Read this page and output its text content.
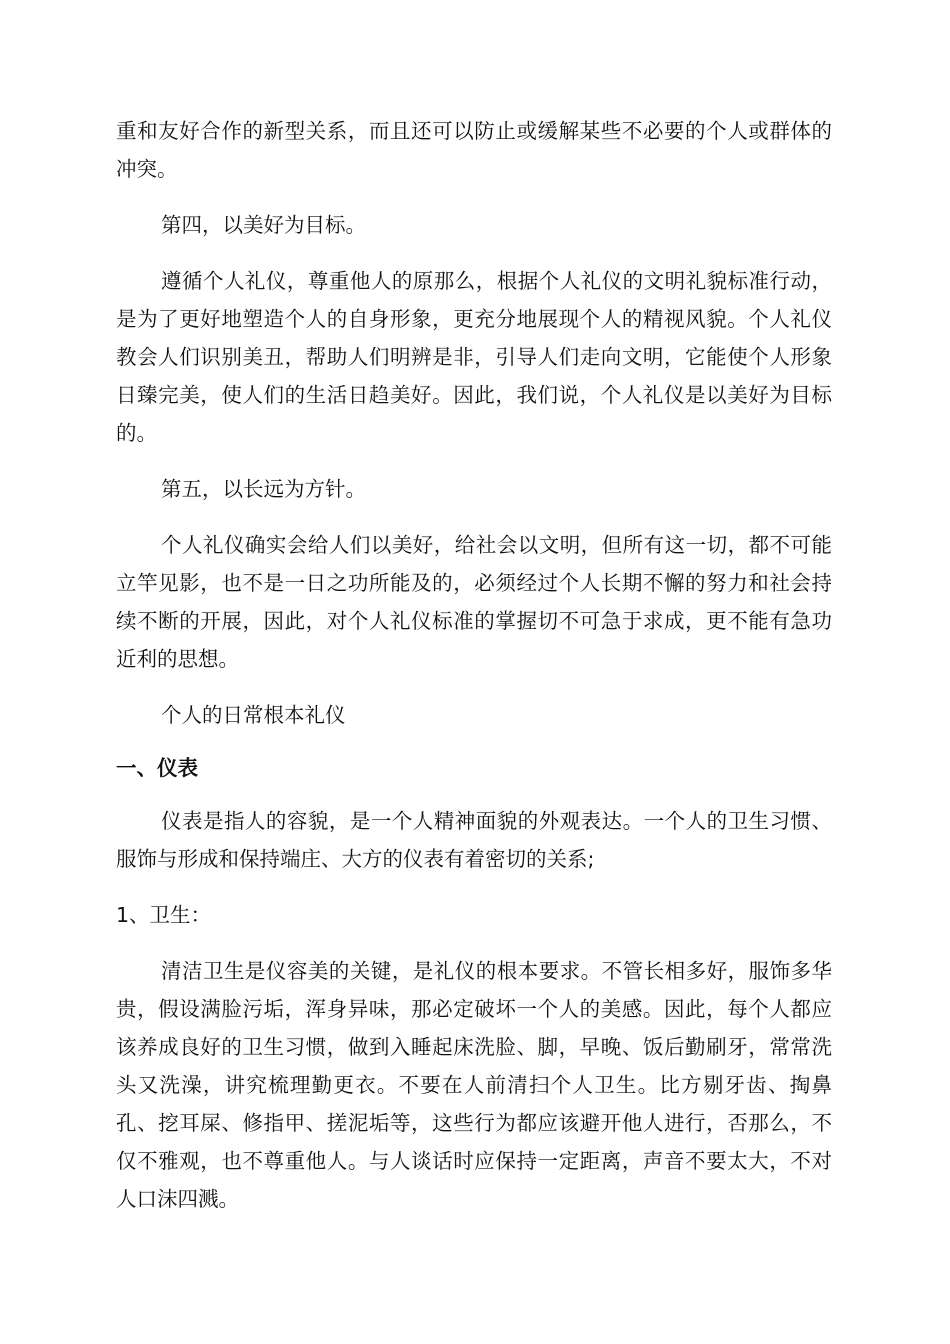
重和友好合作的新型关系，而且还可以防止或缓解某些不必要的个人或群体的冲突。

第四，以美好为目标。

遵循个人礼仪，尊重他人的原那么，根据个人礼仪的文明礼貌标准行动，是为了更好地塑造个人的自身形象，更充分地展现个人的精视风貌。个人礼仪教会人们识别美丑，帮助人们明辨是非，引导人们走向文明，它能使个人形象日臻完美，使人们的生活日趋美好。因此，我们说，个人礼仪是以美好为目标的。

第五，以长远为方针。

个人礼仪确实会给人们以美好，给社会以文明，但所有这一切，都不可能立竿见影，也不是一日之功所能及的，必须经过个人长期不懈的努力和社会持续不断的开展，因此，对个人礼仪标准的掌握切不可急于求成，更不能有急功近利的思想。

个人的日常根本礼仪

一、仪表

仪表是指人的容貌，是一个人精神面貌的外观表达。一个人的卫生习惯、服饰与形成和保持端庄、大方的仪表有着密切的关系;

1、卫生：

清洁卫生是仪容美的关键，是礼仪的根本要求。不管长相多好，服饰多华贵，假设满脸污垢，浑身异味，那必定破坏一个人的美感。因此，每个人都应该养成良好的卫生习惯，做到入睡起床洗脸、脚，早晚、饭后勤刷牙，常常洗头又洗澡，讲究梳理勤更衣。不要在人前清扫个人卫生。比方剔牙齿、掏鼻孔、挖耳屎、修指甲、搓泥垢等，这些行为都应该避开他人进行，否那么，不仅不雅观，也不尊重他人。与人谈话时应保持一定距离，声音不要太大，不对人口沫四溅。
